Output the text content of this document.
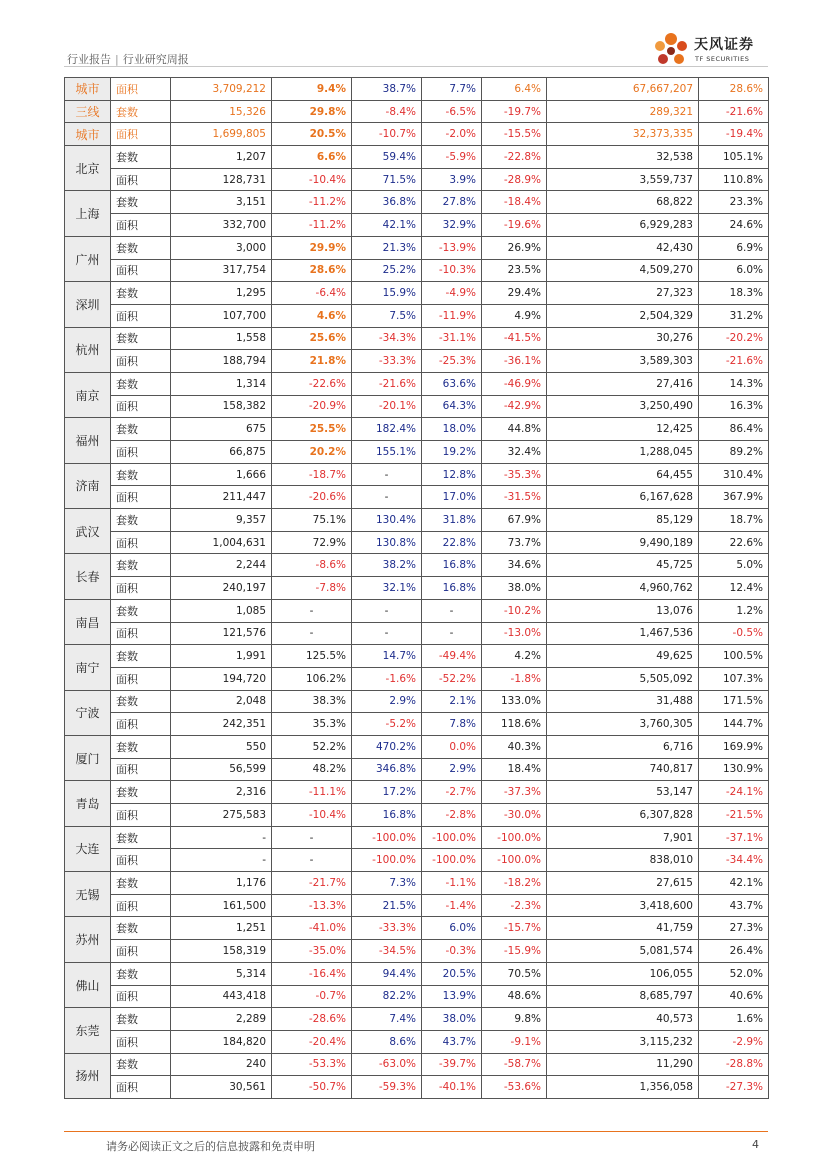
行业报告 | 行业研究周报
天风证券
TF SECURITIES
城市	面积	3,709,212	9.4%	38.7%	7.7%	6.4%	67,667,207	28.6%
三线	套数	15,326	29.8%	-8.4%	-6.5%	-19.7%	289,321	-21.6%
城市	面积	1,699,805	20.5%	-10.7%	-2.0%	-15.5%	32,373,335	-19.4%
北京	套数	1,207	6.6%	59.4%	-5.9%	-22.8%	32,538	105.1%
	面积	128,731	-10.4%	71.5%	3.9%	-28.9%	3,559,737	110.8%
上海	套数	3,151	-11.2%	36.8%	27.8%	-18.4%	68,822	23.3%
	面积	332,700	-11.2%	42.1%	32.9%	-19.6%	6,929,283	24.6%
广州	套数	3,000	29.9%	21.3%	-13.9%	26.9%	42,430	6.9%
	面积	317,754	28.6%	25.2%	-10.3%	23.5%	4,509,270	6.0%
深圳	套数	1,295	-6.4%	15.9%	-4.9%	29.4%	27,323	18.3%
	面积	107,700	4.6%	7.5%	-11.9%	4.9%	2,504,329	31.2%
杭州	套数	1,558	25.6%	-34.3%	-31.1%	-41.5%	30,276	-20.2%
	面积	188,794	21.8%	-33.3%	-25.3%	-36.1%	3,589,303	-21.6%
南京	套数	1,314	-22.6%	-21.6%	63.6%	-46.9%	27,416	14.3%
	面积	158,382	-20.9%	-20.1%	64.3%	-42.9%	3,250,490	16.3%
福州	套数	675	25.5%	182.4%	18.0%	44.8%	12,425	86.4%
	面积	66,875	20.2%	155.1%	19.2%	32.4%	1,288,045	89.2%
济南	套数	1,666	-18.7%	-	12.8%	-35.3%	64,455	310.4%
	面积	211,447	-20.6%	-	17.0%	-31.5%	6,167,628	367.9%
武汉	套数	9,357	75.1%	130.4%	31.8%	67.9%	85,129	18.7%
	面积	1,004,631	72.9%	130.8%	22.8%	73.7%	9,490,189	22.6%
长春	套数	2,244	-8.6%	38.2%	16.8%	34.6%	45,725	5.0%
	面积	240,197	-7.8%	32.1%	16.8%	38.0%	4,960,762	12.4%
南昌	套数	1,085	-	-	-	-10.2%	13,076	1.2%
	面积	121,576	-	-	-	-13.0%	1,467,536	-0.5%
南宁	套数	1,991	125.5%	14.7%	-49.4%	4.2%	49,625	100.5%
	面积	194,720	106.2%	-1.6%	-52.2%	-1.8%	5,505,092	107.3%
宁波	套数	2,048	38.3%	2.9%	2.1%	133.0%	31,488	171.5%
	面积	242,351	35.3%	-5.2%	7.8%	118.6%	3,760,305	144.7%
厦门	套数	550	52.2%	470.2%	0.0%	40.3%	6,716	169.9%
	面积	56,599	48.2%	346.8%	2.9%	18.4%	740,817	130.9%
青岛	套数	2,316	-11.1%	17.2%	-2.7%	-37.3%	53,147	-24.1%
	面积	275,583	-10.4%	16.8%	-2.8%	-30.0%	6,307,828	-21.5%
大连	套数	-	-	-100.0%	-100.0%	-100.0%	7,901	-37.1%
	面积	-	-	-100.0%	-100.0%	-100.0%	838,010	-34.4%
无锡	套数	1,176	-21.7%	7.3%	-1.1%	-18.2%	27,615	42.1%
	面积	161,500	-13.3%	21.5%	-1.4%	-2.3%	3,418,600	43.7%
苏州	套数	1,251	-41.0%	-33.3%	6.0%	-15.7%	41,759	27.3%
	面积	158,319	-35.0%	-34.5%	-0.3%	-15.9%	5,081,574	26.4%
佛山	套数	5,314	-16.4%	94.4%	20.5%	70.5%	106,055	52.0%
	面积	443,418	-0.7%	82.2%	13.9%	48.6%	8,685,797	40.6%
东莞	套数	2,289	-28.6%	7.4%	38.0%	9.8%	40,573	1.6%
	面积	184,820	-20.4%	8.6%	43.7%	-9.1%	3,115,232	-2.9%
扬州	套数	240	-53.3%	-63.0%	-39.7%	-58.7%	11,290	-28.8%
	面积	30,561	-50.7%	-59.3%	-40.1%	-53.6%	1,356,058	-27.3%
请务必阅读正文之后的信息披露和免责申明	4
